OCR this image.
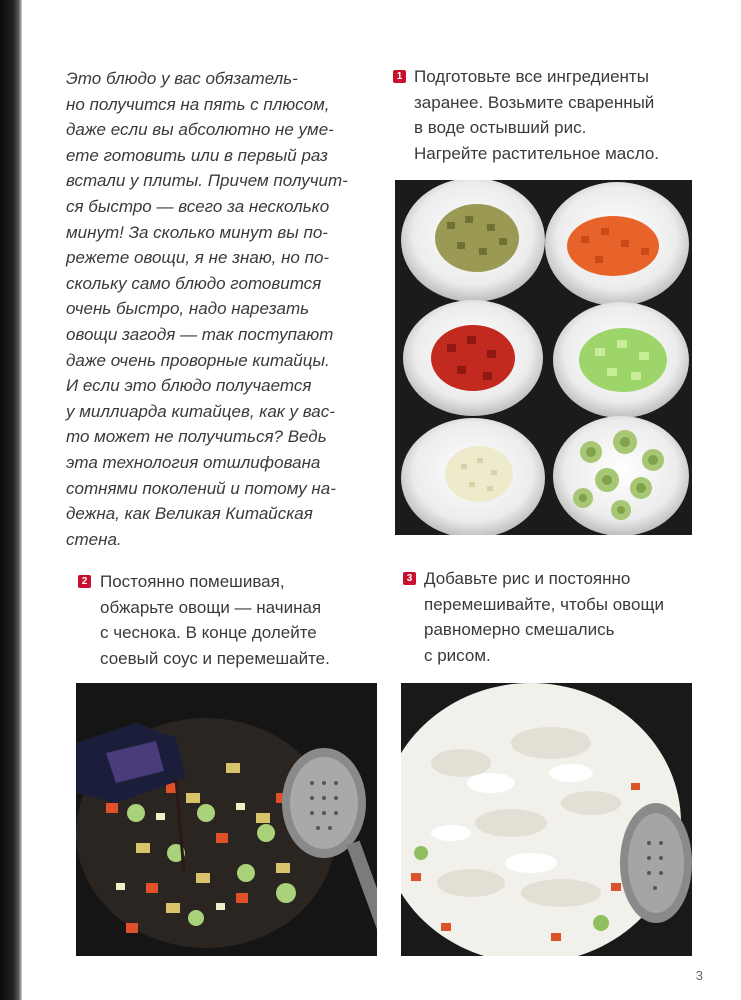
Это блюдо у вас обязатель-
но получится на пять с плюсом,
даже если вы абсолютно не уме-
ете готовить или в первый раз
встали у плиты. Причем получит-
ся быстро — всего за несколько
минут! За сколько минут вы по-
режете овощи, я не знаю, но по-
скольку само блюдо готовится
очень быстро, надо нарезать
овощи загодя — так поступают
даже очень проворные китайцы.
И если это блюдо получается
у миллиарда китайцев, как у вас-
то может не получиться? Ведь
эта технология отшлифована
сотнями поколений и потому на-
дежна, как Великая Китайская
стена.
1 Подготовьте все ингредиенты
заранее. Возьмите сваренный
в воде остывший рис.
Нагрейте растительное масло.
2 Постоянно помешивая,
обжарьте овощи — начиная
с чеснока. В конце долейте
соевый соус и перемешайте.
3 Добавьте рис и постоянно
перемешивайте, чтобы овощи
равномерно смешались
с рисом.
3
